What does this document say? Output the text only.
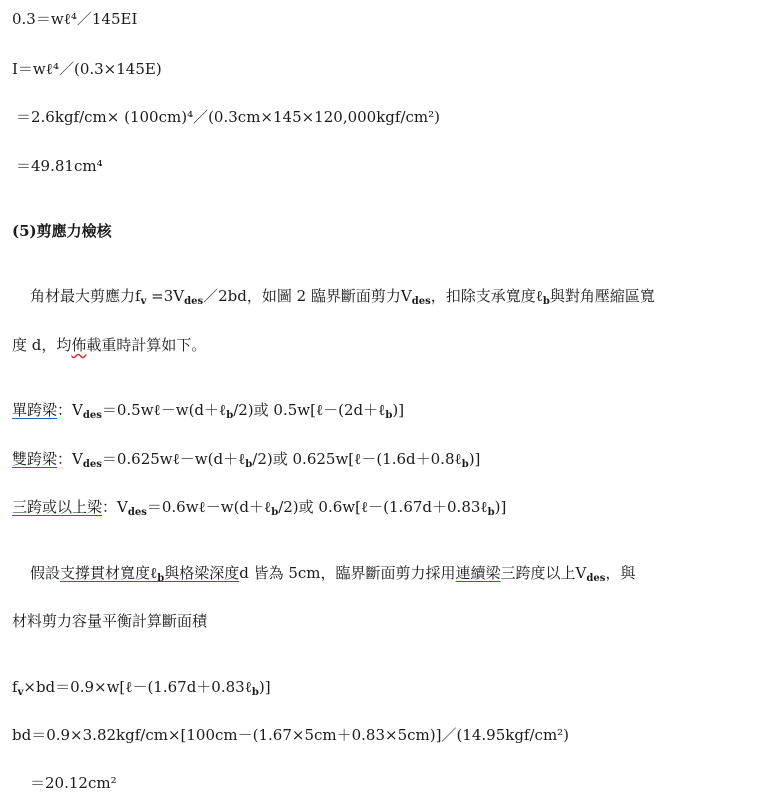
0.3＝wℓ⁴／145EI
I＝wℓ⁴／(0.3×145E)
＝2.6kgf/cm× (100cm)⁴／(0.3cm×145×120,000kgf/cm²)
＝49.81cm⁴
(5)剪應力檢核
角材最大剪應力$f_v$ $=3V_{des}/2bd$，如圖 2 臨界斷面剪力$V_{des}$，扣除支承寬度ℓ$_b$與對角壓縮區寬
度 d，均佈載重時計算如下。
單跨梁：$V_{des}=0.5w\ell-w(d+\ell_b/2)$或 0.5w[ℓ－(2d＋ℓ$_b$)]
雙跨梁：$V_{des}=0.625w\ell-w(d+\ell_b/2)$或 0.625w[ℓ－(1.6d＋0.8ℓ$_b$)]
三跨或以上梁：$V_{des}=0.6w\ell-w(d+\ell_b/2)$或 0.6w[ℓ－(1.67d＋0.83ℓ$_b$)]
假設支撐貫材寬度ℓ$_b$與格梁深度d 皆為 5cm，臨界斷面剪力採用連續梁三跨度以上$V_{des}$，與
材料剪力容量平衡計算斷面積
$f_v\times bd=0.9\times w[\ell-(1.67d+0.83\ell_b)]$
bd＝0.9×3.82kgf/cm×[100cm－(1.67×5cm＋0.83×5cm)]／(14.95kgf/cm²)
＝20.12cm²
